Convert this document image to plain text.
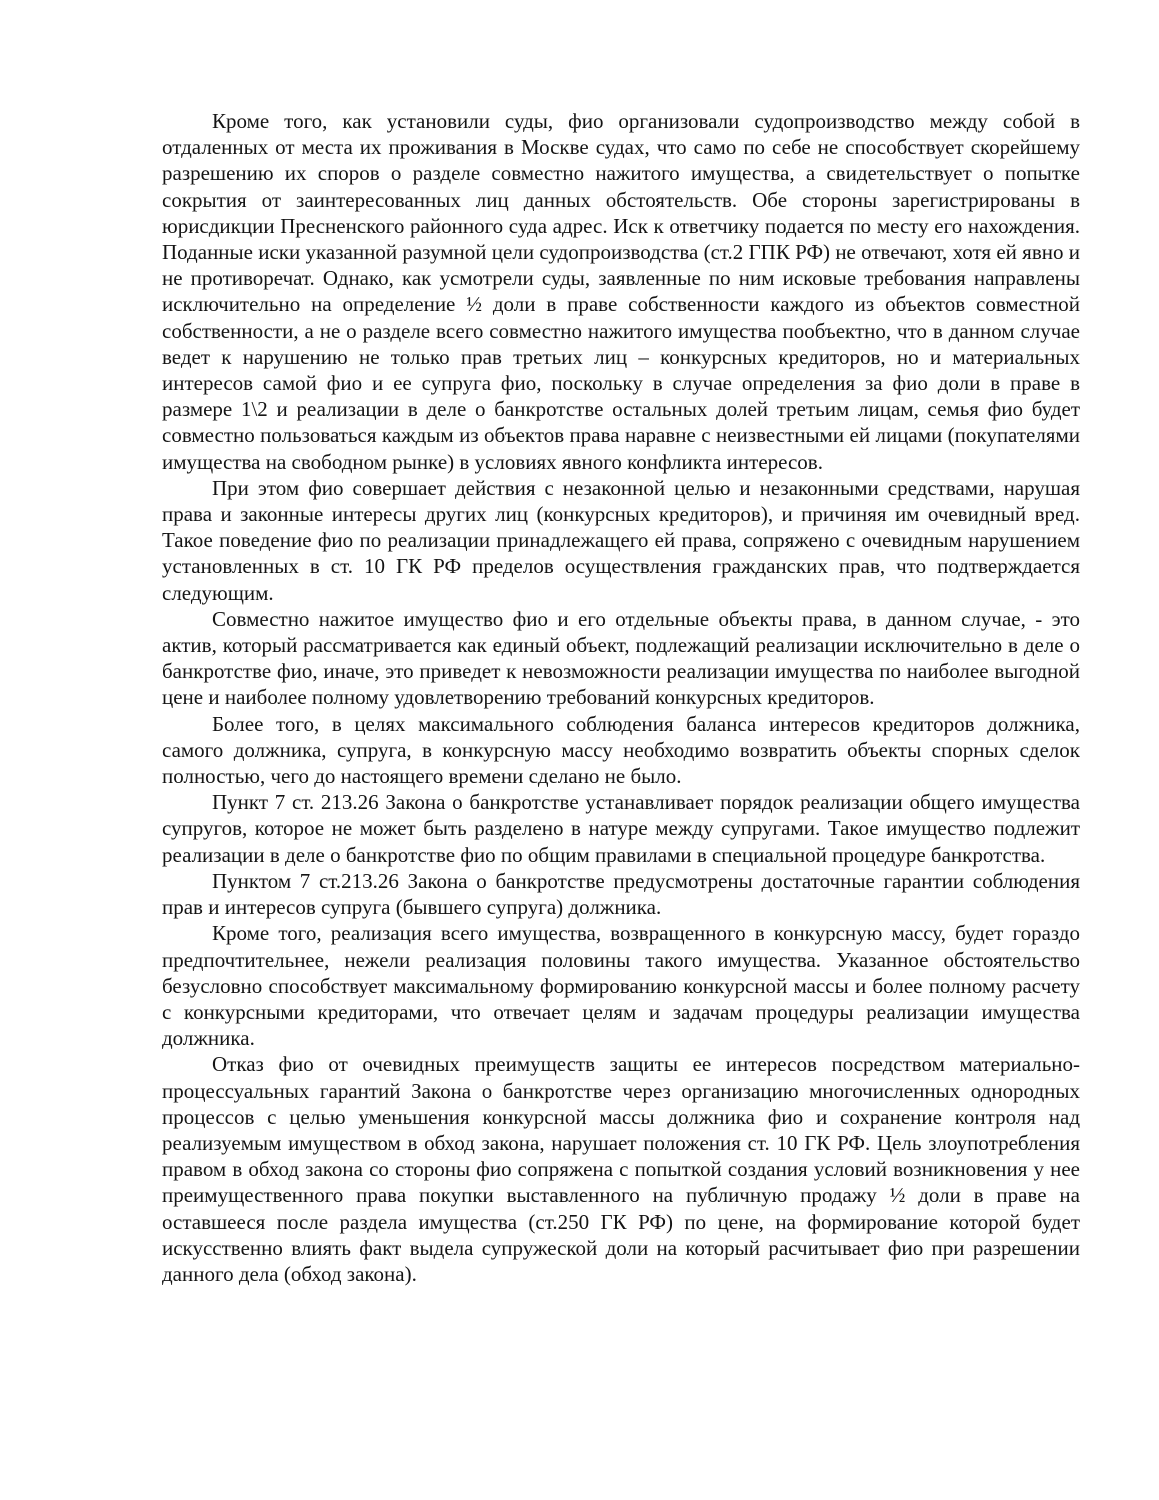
Кроме того, как установили суды, фио организовали судопроизводство между собой в отдаленных от места их проживания в Москве судах, что само по себе не способствует скорейшему разрешению их споров о разделе совместно нажитого имущества, а свидетельствует о попытке сокрытия от заинтересованных лиц данных обстоятельств. Обе стороны зарегистрированы в юрисдикции Пресненского районного суда адрес. Иск к ответчику подается по месту его нахождения. Поданные иски указанной разумной цели судопроизводства (ст.2 ГПК РФ) не отвечают, хотя ей явно и не противоречат. Однако, как усмотрели суды, заявленные по ним исковые требования направлены исключительно на определение ½ доли в праве собственности каждого из объектов совместной собственности, а не о разделе всего совместно нажитого имущества пообъектно, что в данном случае ведет к нарушению не только прав третьих лиц – конкурсных кредиторов, но и материальных интересов самой фио и ее супруга фио, поскольку в случае определения за фио доли в праве в размере 1\2 и реализации в деле о банкротстве остальных долей третьим лицам, семья фио будет совместно пользоваться каждым из объектов права наравне с неизвестными ей лицами (покупателями имущества на свободном рынке) в условиях явного конфликта интересов.

При этом фио совершает действия с незаконной целью и незаконными средствами, нарушая права и законные интересы других лиц (конкурсных кредиторов), и причиняя им очевидный вред. Такое поведение фио по реализации принадлежащего ей права, сопряжено с очевидным нарушением установленных в ст. 10 ГК РФ пределов осуществления гражданских прав, что подтверждается следующим.

Совместно нажитое имущество фио и его отдельные объекты права, в данном случае, - это актив, который рассматривается как единый объект, подлежащий реализации исключительно в деле о банкротстве фио, иначе, это приведет к невозможности реализации имущества по наиболее выгодной цене и наиболее полному удовлетворению требований конкурсных кредиторов.

Более того, в целях максимального соблюдения баланса интересов кредиторов должника, самого должника, супруга, в конкурсную массу необходимо возвратить объекты спорных сделок полностью, чего до настоящего времени сделано не было.

Пункт 7 ст. 213.26 Закона о банкротстве устанавливает порядок реализации общего имущества супругов, которое не может быть разделено в натуре между супругами. Такое имущество подлежит реализации в деле о банкротстве фио по общим правилами в специальной процедуре банкротства.

Пунктом 7 ст.213.26 Закона о банкротстве предусмотрены достаточные гарантии соблюдения прав и интересов супруга (бывшего супруга) должника.

Кроме того, реализация всего имущества, возвращенного в конкурсную массу, будет гораздо предпочтительнее, нежели реализация половины такого имущества. Указанное обстоятельство безусловно способствует максимальному формированию конкурсной массы и более полному расчету с конкурсными кредиторами, что отвечает целям и задачам процедуры реализации имущества должника.

Отказ фио от очевидных преимуществ защиты ее интересов посредством материально-процессуальных гарантий Закона о банкротстве через организацию многочисленных однородных процессов с целью уменьшения конкурсной массы должника фио и сохранение контроля над реализуемым имуществом в обход закона, нарушает положения ст. 10 ГК РФ. Цель злоупотребления правом в обход закона со стороны фио сопряжена с попыткой создания условий возникновения у нее преимущественного права покупки выставленного на публичную продажу ½ доли в праве на оставшееся после раздела имущества (ст.250 ГК РФ) по цене, на формирование которой будет искусственно влиять факт выдела супружеской доли на который расчитывает фио при разрешении данного дела (обход закона).
